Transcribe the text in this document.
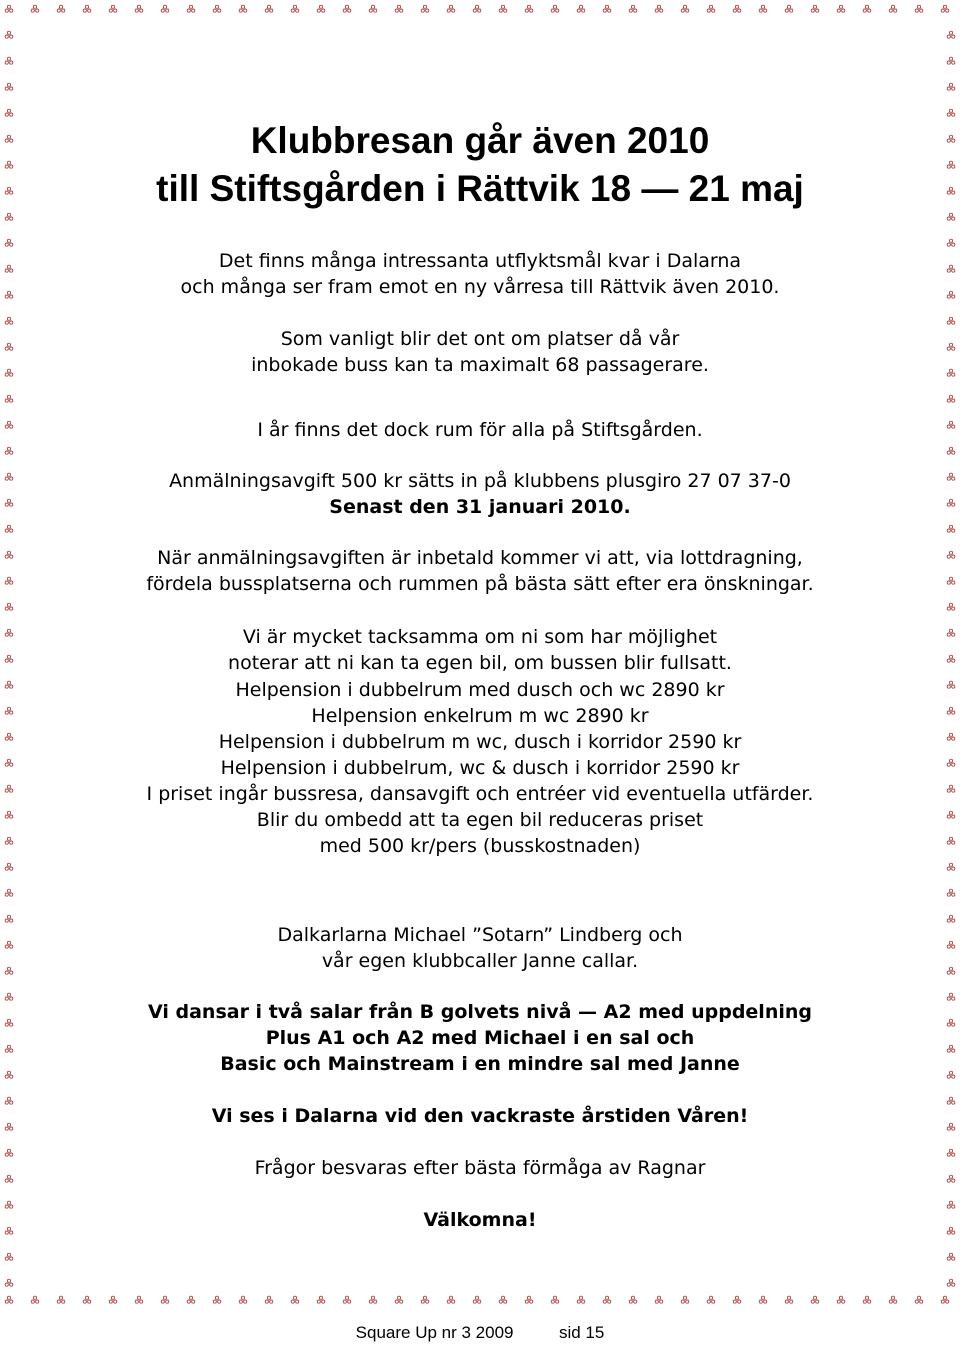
Klubbresan går även 2010
till Stiftsgården i Rättvik 18 — 21 maj

Det finns många intressanta utflyktsmål kvar i Dalarna

och många ser fram emot en ny vårresa till Rättvik även 2010.

Som vanligt blir det ont om platser då vår

inbokade buss kan ta maximalt 68 passagerare.

I år finns det dock rum för alla på Stiftsgården.

Anmälningsavgift 500 kr sätts in på klubbens plusgiro 27 07 37-0

Senast den 31 januari 2010.

När anmälningsavgiften är inbetald kommer vi att, via lottdragning,

fördela bussplatserna och rummen på bästa sätt efter era önskningar.

Vi är mycket tacksamma om ni som har möjlighet

noterar att ni kan ta egen bil, om bussen blir fullsatt.

Helpension i dubbelrum med dusch och wc 2890 kr

Helpension enkelrum m wc 2890 kr

Helpension i dubbelrum m wc, dusch i korridor 2590 kr

Helpension i dubbelrum, wc & dusch i korridor 2590 kr

I priset ingår bussresa, dansavgift och entréer vid eventuella utfärder.

Blir du ombedd att ta egen bil reduceras priset

med 500 kr/pers (busskostnaden)

Dalkarlarna Michael ”Sotarn” Lindberg och

vår egen klubbcaller Janne callar.

Vi dansar i två salar från B golvets nivå — A2 med uppdelning

Plus A1 och A2 med Michael i en sal och

Basic och Mainstream i en mindre sal med Janne

Vi ses i Dalarna vid den vackraste årstiden Våren!

Frågor besvaras efter bästa förmåga av Ragnar

Välkomna!

Square Up nr 3 2009	sid 15
